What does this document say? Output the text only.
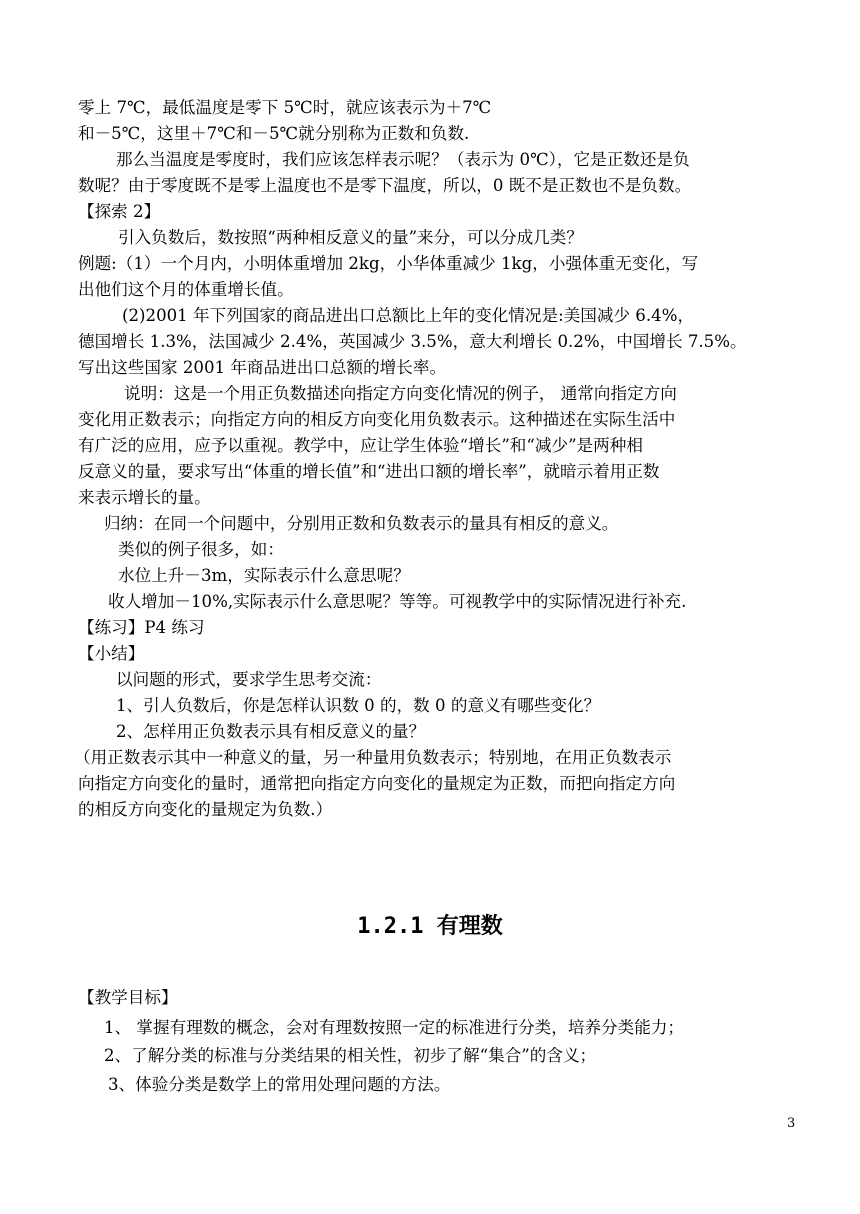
零上 7℃，最低温度是零下 5℃时，就应该表示为＋7℃
和－5℃，这里＋7℃和－5℃就分别称为正数和负数.
那么当温度是零度时，我们应该怎样表示呢？（表示为 0℃），它是正数还是负
数呢？由于零度既不是零上温度也不是零下温度，所以，0 既不是正数也不是负数。
【探索 2】
引入负数后，数按照“两种相反意义的量”来分，可以分成几类？
例题:（1）一个月内，小明体重增加 2kg，小华体重减少 1kg，小强体重无变化，写
出他们这个月的体重增长值。
(2)2001 年下列国家的商品进出口总额比上年的变化情况是:美国减少 6.4%，
德国增长 1.3%，法国减少 2.4%，英国减少 3.5%，意大利增长 0.2%，中国增长 7.5%。
写出这些国家 2001 年商品进出口总额的增长率。
说明：这是一个用正负数描述向指定方向变化情况的例子， 通常向指定方向
变化用正数表示；向指定方向的相反方向变化用负数表示。这种描述在实际生活中
有广泛的应用，应予以重视。教学中，应让学生体验“增长”和“减少”是两种相
反意义的量，要求写出“体重的增长值”和“进出口额的增长率”，就暗示着用正数
来表示增长的量。
归纳：在同一个问题中，分别用正数和负数表示的量具有相反的意义。
类似的例子很多，如：
水位上升－3m，实际表示什么意思呢？
收人增加－10%,实际表示什么意思呢？等等。可视教学中的实际情况进行补充.
【练习】P4 练习
【小结】
以问题的形式，要求学生思考交流：
1、引人负数后，你是怎样认识数 0 的，数 0 的意义有哪些变化？
2、怎样用正负数表示具有相反意义的量？
（用正数表示其中一种意义的量，另一种量用负数表示；特别地，在用正负数表示
向指定方向变化的量时，通常把向指定方向变化的量规定为正数，而把向指定方向
的相反方向变化的量规定为负数.）
1.2.1 有理数
【教学目标】
1、 掌握有理数的概念，会对有理数按照一定的标准进行分类，培养分类能力；
2、了解分类的标准与分类结果的相关性，初步了解“集合”的含义；
3、体验分类是数学上的常用处理问题的方法。
3
